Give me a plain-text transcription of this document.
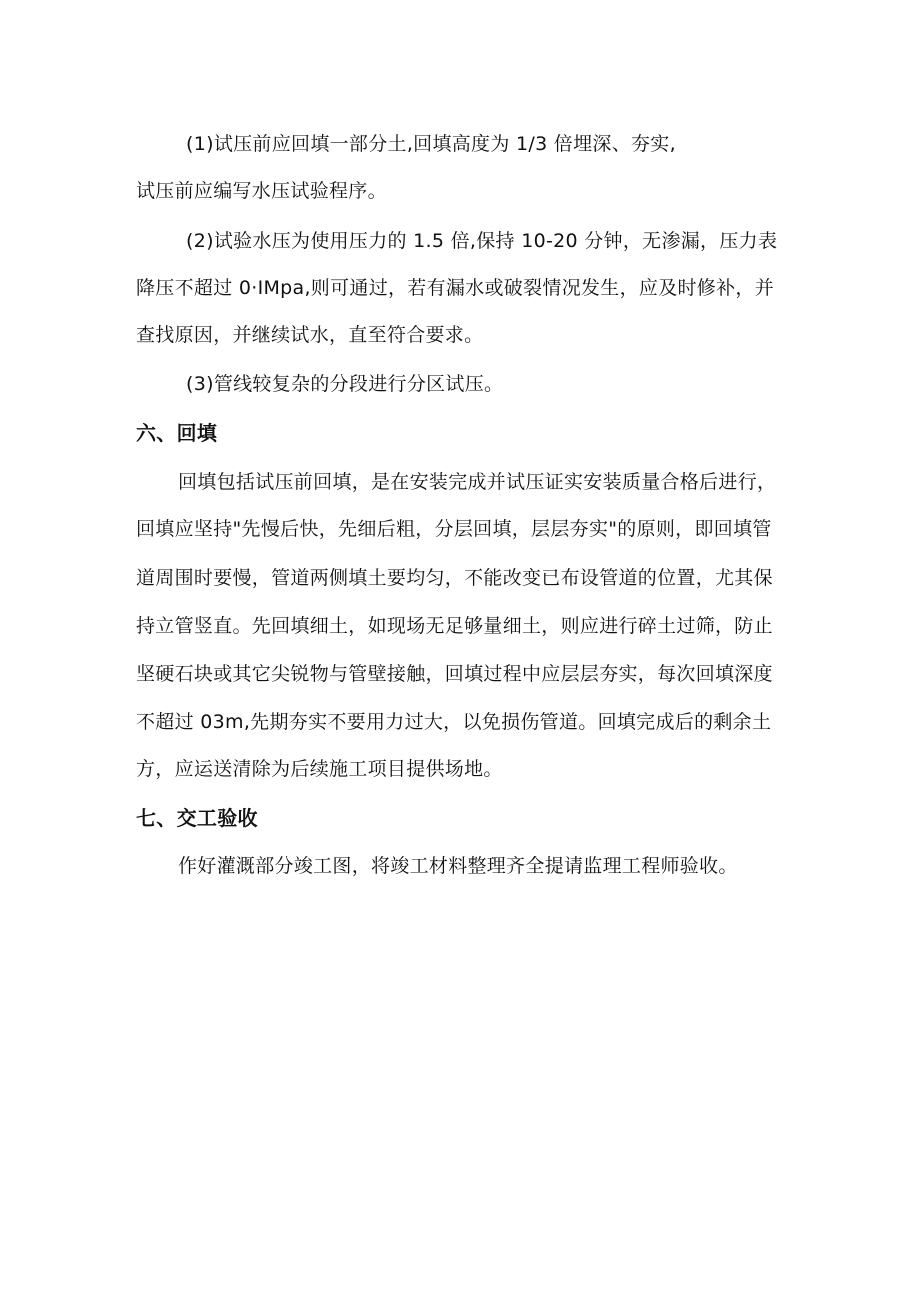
(1)试压前应回填一部分土,回填高度为 1/3 倍埋深、夯实,
试压前应编写水压试验程序。
(2)试验水压为使用压力的 1.5 倍,保持 10-20 分钟，无渗漏，压力表
降压不超过 0·IMpa,则可通过，若有漏水或破裂情况发生，应及时修补，并
查找原因，并继续试水，直至符合要求。
(3)管线较复杂的分段进行分区试压。
六、回填
回填包括试压前回填，是在安装完成并试压证实安装质量合格后进行，
回填应坚持"先慢后快，先细后粗，分层回填，层层夯实"的原则，即回填管
道周围时要慢，管道两侧填土要均匀，不能改变已布设管道的位置，尤其保
持立管竖直。先回填细土，如现场无足够量细土，则应进行碎土过筛，防止
坚硬石块或其它尖锐物与管壁接触，回填过程中应层层夯实，每次回填深度
不超过 03m,先期夯实不要用力过大，以免损伤管道。回填完成后的剩余土
方，应运送清除为后续施工项目提供场地。
七、交工验收
作好灌溉部分竣工图，将竣工材料整理齐全提请监理工程师验收。
